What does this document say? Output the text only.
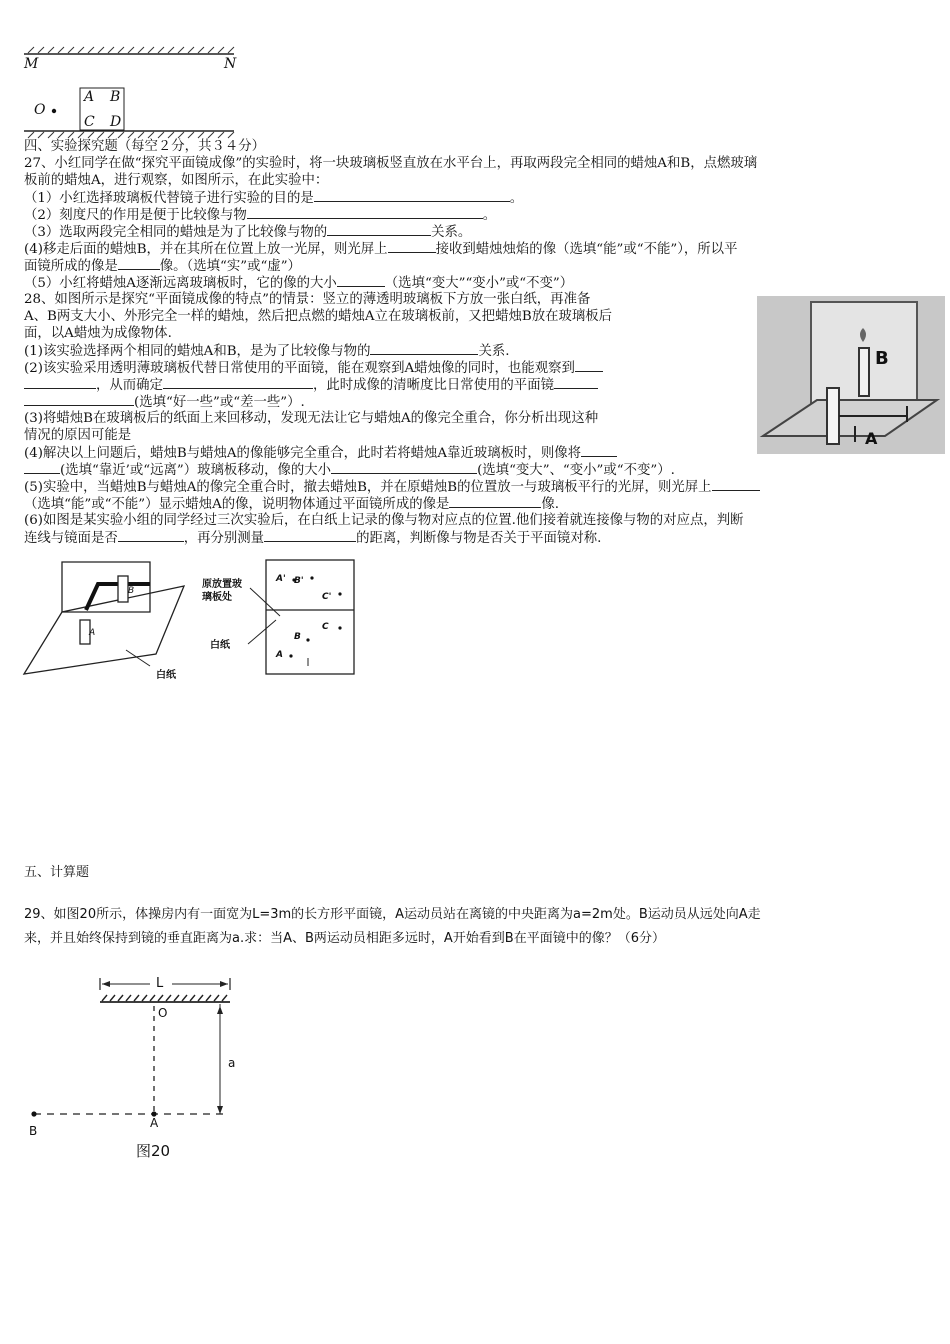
M	N
O
A B
C D
四、实验探究题（每空２分，共３４分）
27、小红同学在做“探究平面镜成像”的实验时，将一块玻璃板竖直放在水平台上，再取两段完全相同的蜡烛A和B，点燃玻璃
板前的蜡烛A，进行观察，如图所示，在此实验中：
（1）小红选择玻璃板代替镜子进行实验的目的是	。
（2）刻度尺的作用是便于比较像与物	。
（3）选取两段完全相同的蜡烛是为了比较像与物的	关系。
(4)移走后面的蜡烛B，并在其所在位置上放一光屏，则光屏上	接收到蜡烛烛焰的像（选填“能”或“不能”），所以平
面镜所成的像是	像。（选填“实”或“虚”）
（5）小红将蜡烛A逐渐远离玻璃板时，它的像的大小	（选填“变大”“变小”或“不变”）
28、如图所示是探究“平面镜成像的特点”的情景：竖立的薄透明玻璃板下方放一张白纸，再准备
A、B两支大小、外形完全一样的蜡烛，然后把点燃的蜡烛A立在玻璃板前，又把蜡烛B放在玻璃板后
面，以A蜡烛为成像物体.
(1)该实验选择两个相同的蜡烛A和B，是为了比较像与物的	关系.
(2)该实验采用透明薄玻璃板代替日常使用的平面镜，能在观察到A蜡烛像的同时，也能观察到
，从而确定	，此时成像的清晰度比日常使用的平面镜
(选填“好一些”或“差一些”）.
(3)将蜡烛B在玻璃板后的纸面上来回移动，发现无法让它与蜡烛A的像完全重合，你分析出现这种
情况的原因可能是
(4)解决以上问题后，蜡烛B与蜡烛A的像能够完全重合，此时若将蜡烛A靠近玻璃板时，则像将
(选填“靠近’或“远离”）玻璃板移动，像的大小	(选填“变大”、“变小”或“不变”）.
(5)实验中，当蜡烛B与蜡烛A的像完全重合时，撤去蜡烛B，并在原蜡烛B的位置放一与玻璃板平行的光屏，则光屏上
（选填“能”或“不能”）显示蜡烛A的像，说明物体通过平面镜所成的像是	像.
(6)如图是某实验小组的同学经过三次实验后，在白纸上记录的像与物对应点的位置.他们接着就连接像与物的对应点，判断
连线与镜面是否	，再分别测量	的距离，判断像与物是否关于平面镜对称.
B
A
B
A
白纸
原放置玻
璃板处
白纸
A' B'
C'
A
B
C
五、计算题
29、如图20所示，体操房内有一面宽为L=3m的长方形平面镜，A运动员站在离镜的中央距离为a=2m处。B运动员从远处向A走
来，并且始终保持到镜的垂直距离为a.求：当A、B两运动员相距多远时，A开始看到B在平面镜中的像？（6分）
L
O
a
B
A
图20
